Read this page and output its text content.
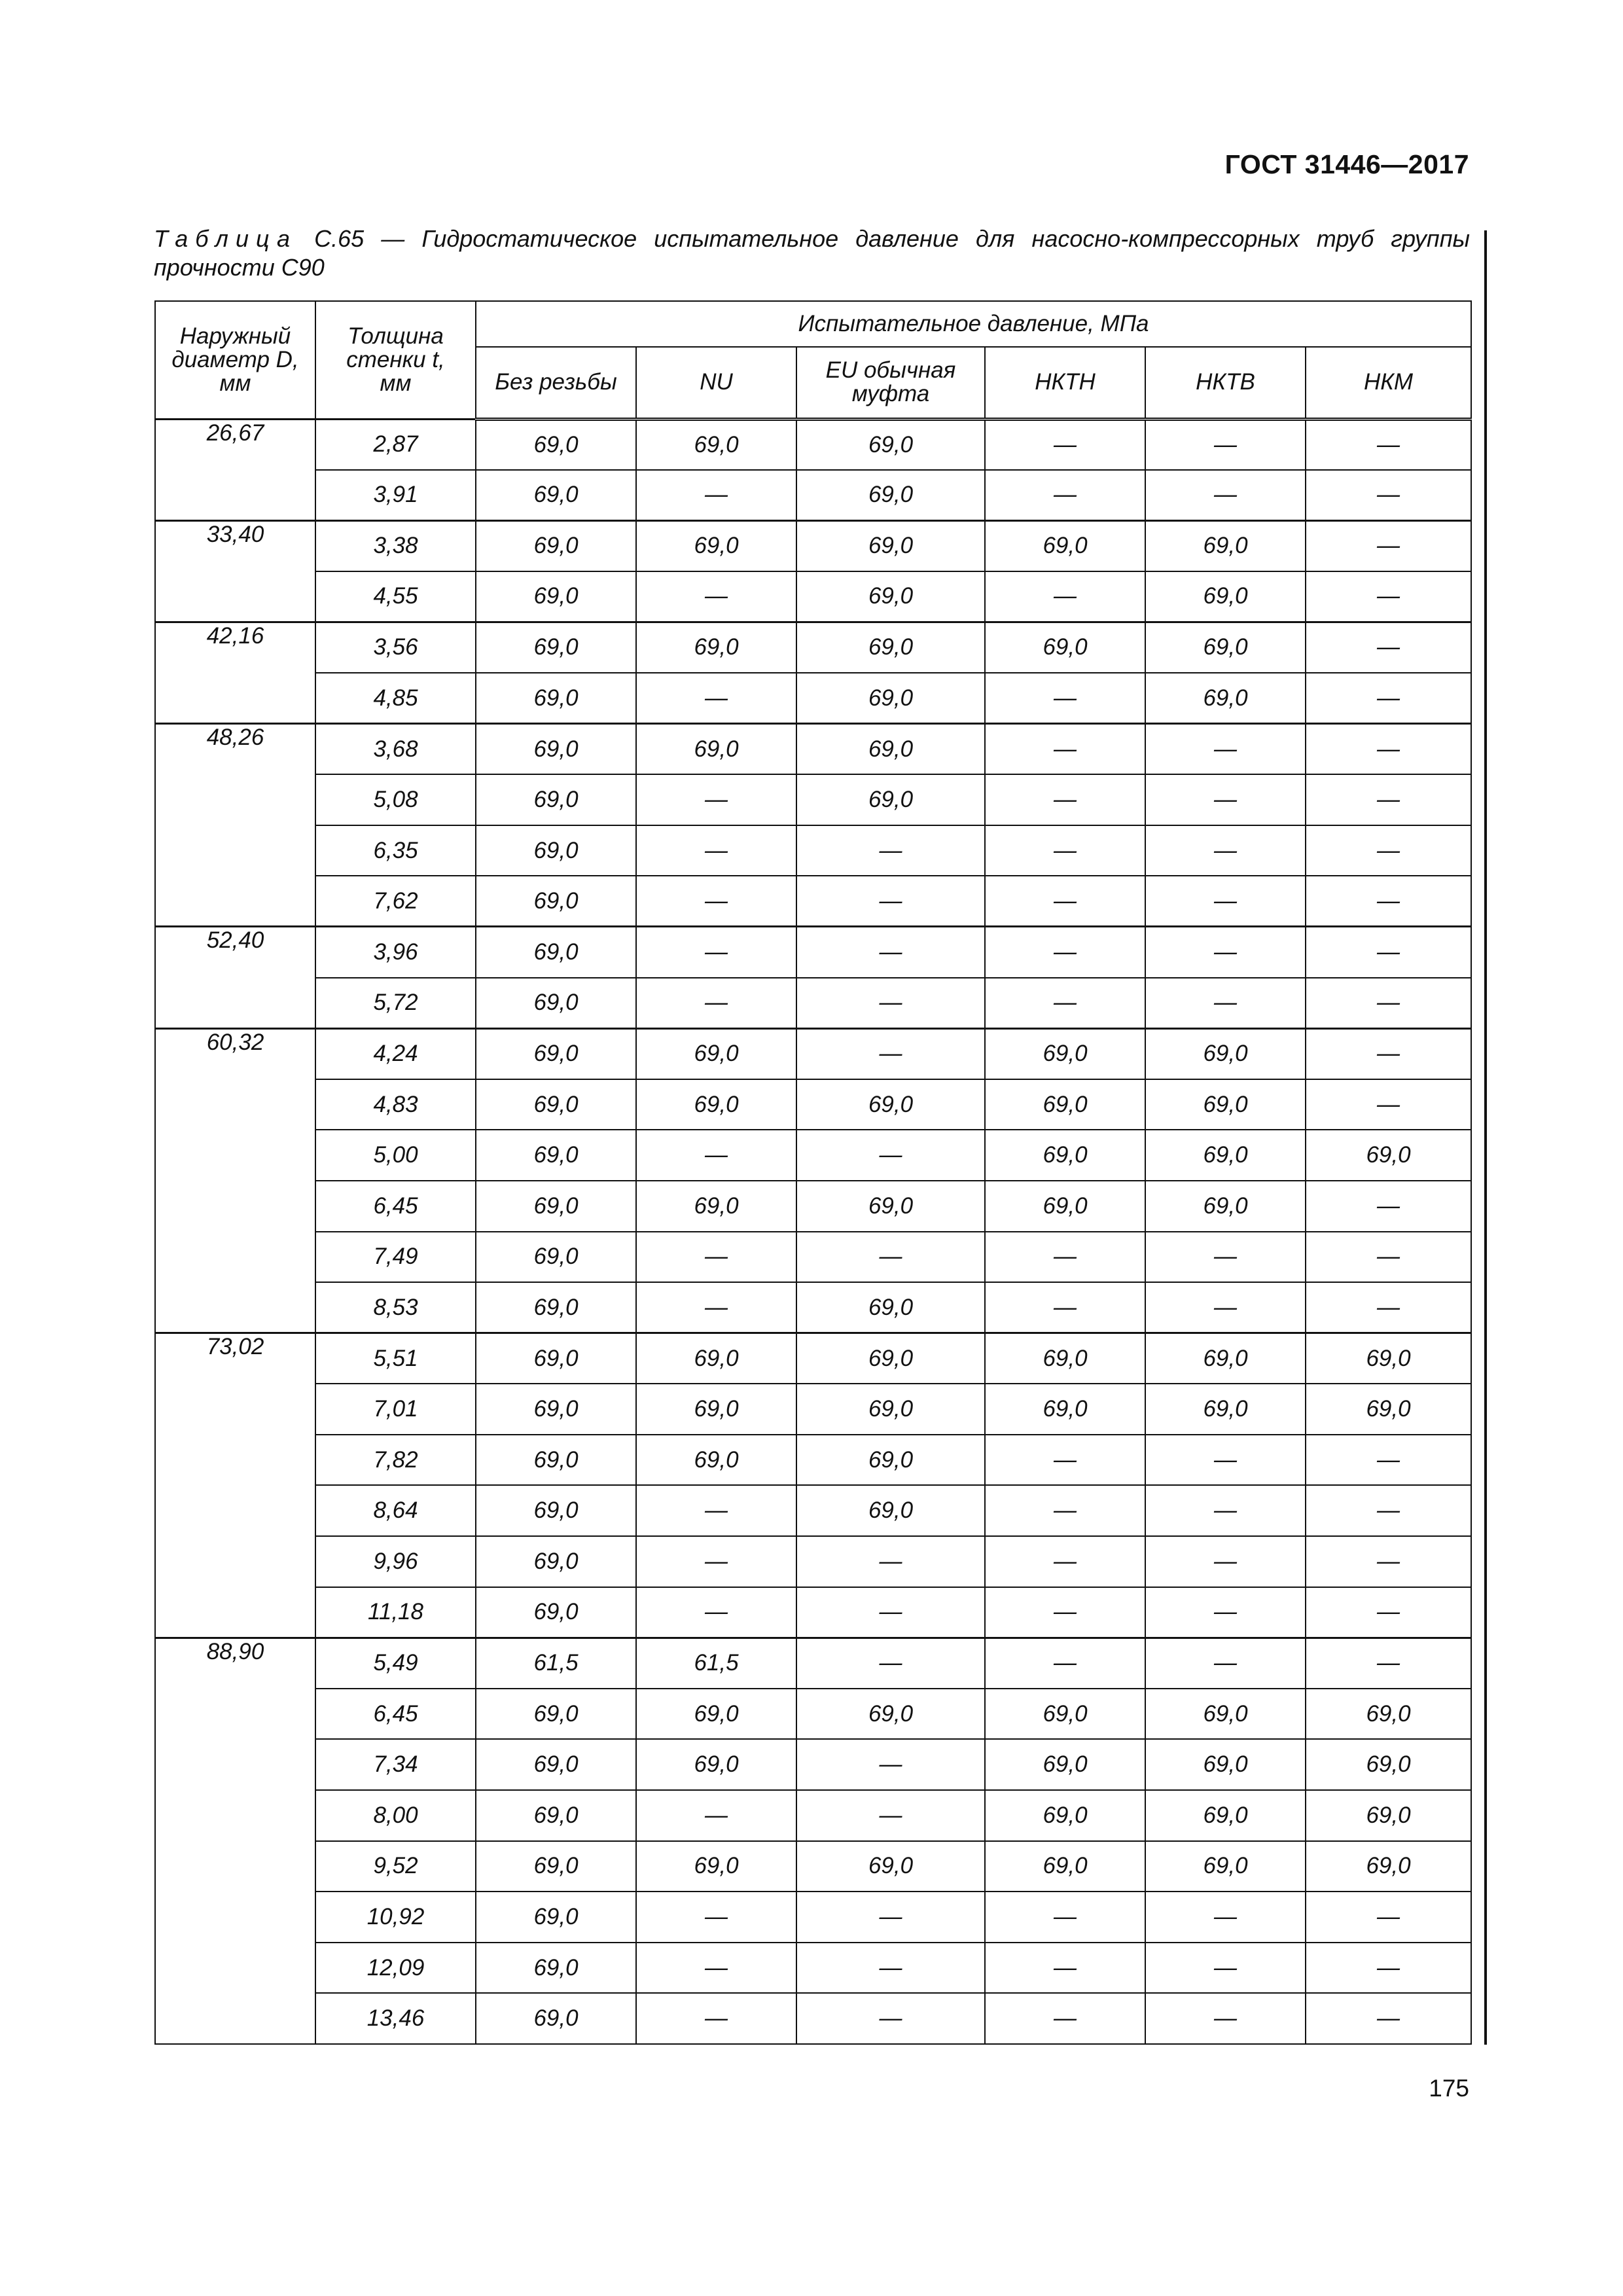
ГОСТ 31446—2017
Таблица С.65 — Гидростатическое испытательное давление для насосно-компрессорных труб группы прочности С90
Наружный диаметр D, мм	Толщина стенки t, мм	Испытательное давление, МПа					
		Без резьбы	NU	EU обычная муфта	НКТН	НКТВ	НКМ
26,67	2,87	69,0	69,0	69,0	—	—	—
	3,91	69,0	—	69,0	—	—	—
33,40	3,38	69,0	69,0	69,0	69,0	69,0	—
	4,55	69,0	—	69,0	—	69,0	—
42,16	3,56	69,0	69,0	69,0	69,0	69,0	—
	4,85	69,0	—	69,0	—	69,0	—
48,26	3,68	69,0	69,0	69,0	—	—	—
	5,08	69,0	—	69,0	—	—	—
	6,35	69,0	—	—	—	—	—
	7,62	69,0	—	—	—	—	—
52,40	3,96	69,0	—	—	—	—	—
	5,72	69,0	—	—	—	—	—
60,32	4,24	69,0	69,0	—	69,0	69,0	—
	4,83	69,0	69,0	69,0	69,0	69,0	—
	5,00	69,0	—	—	69,0	69,0	69,0
	6,45	69,0	69,0	69,0	69,0	69,0	—
	7,49	69,0	—	—	—	—	—
	8,53	69,0	—	69,0	—	—	—
73,02	5,51	69,0	69,0	69,0	69,0	69,0	69,0
	7,01	69,0	69,0	69,0	69,0	69,0	69,0
	7,82	69,0	69,0	69,0	—	—	—
	8,64	69,0	—	69,0	—	—	—
	9,96	69,0	—	—	—	—	—
	11,18	69,0	—	—	—	—	—
88,90	5,49	61,5	61,5	—	—	—	—
	6,45	69,0	69,0	69,0	69,0	69,0	69,0
	7,34	69,0	69,0	—	69,0	69,0	69,0
	8,00	69,0	—	—	69,0	69,0	69,0
	9,52	69,0	69,0	69,0	69,0	69,0	69,0
	10,92	69,0	—	—	—	—	—
	12,09	69,0	—	—	—	—	—
	13,46	69,0	—	—	—	—	—
175
